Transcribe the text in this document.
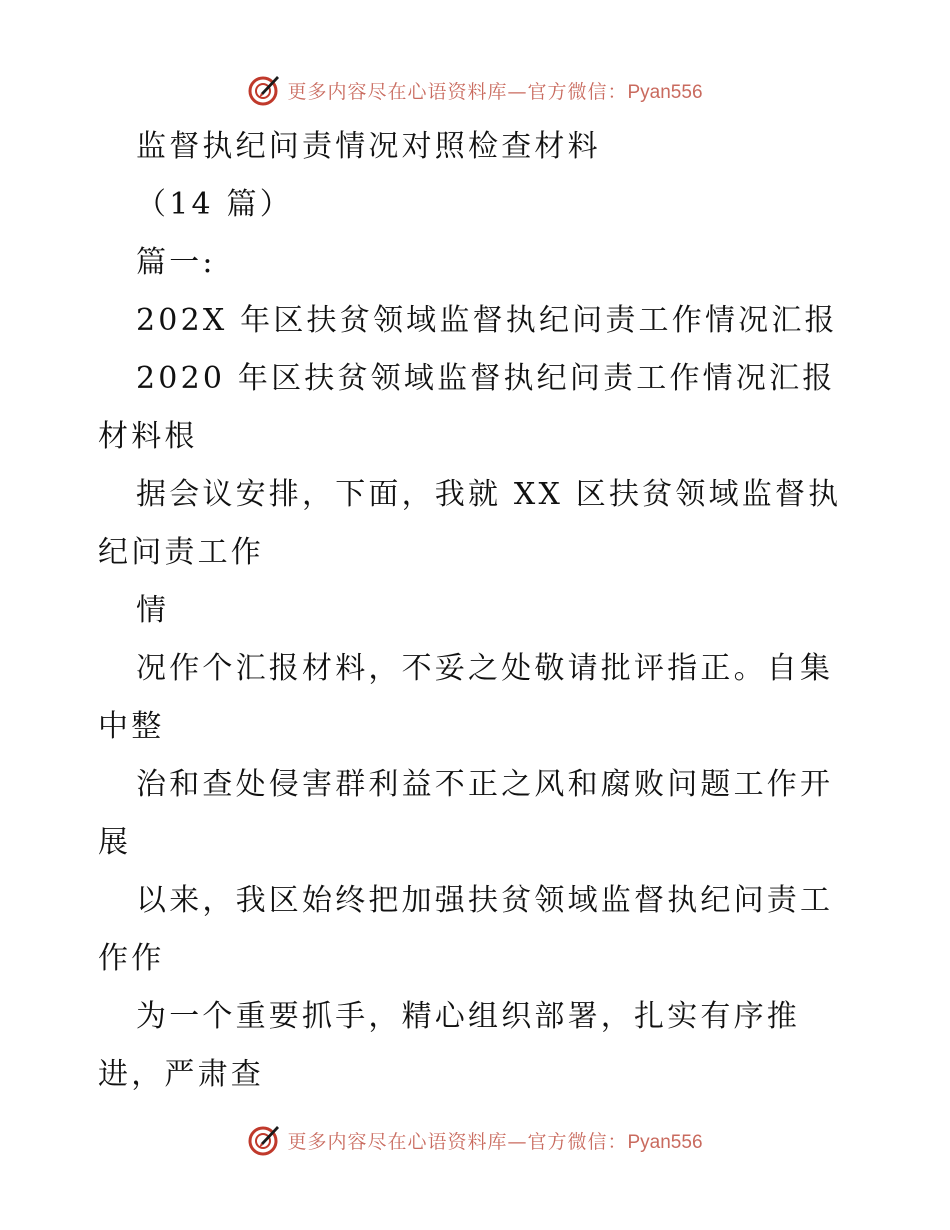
更多内容尽在心语资料库—官方微信：Pyan556
监督执纪问责情况对照检查材料
（14 篇）
篇一:
202X 年区扶贫领域监督执纪问责工作情况汇报
2020 年区扶贫领域监督执纪问责工作情况汇报
材料根
据会议安排，下面，我就 XX 区扶贫领域监督执
纪问责工作
情
况作个汇报材料，不妥之处敬请批评指正。自集
中整
治和查处侵害群利益不正之风和腐败问题工作开
展
以来，我区始终把加强扶贫领域监督执纪问责工
作作
为一个重要抓手，精心组织部署，扎实有序推
进，严肃查
更多内容尽在心语资料库—官方微信：Pyan556
